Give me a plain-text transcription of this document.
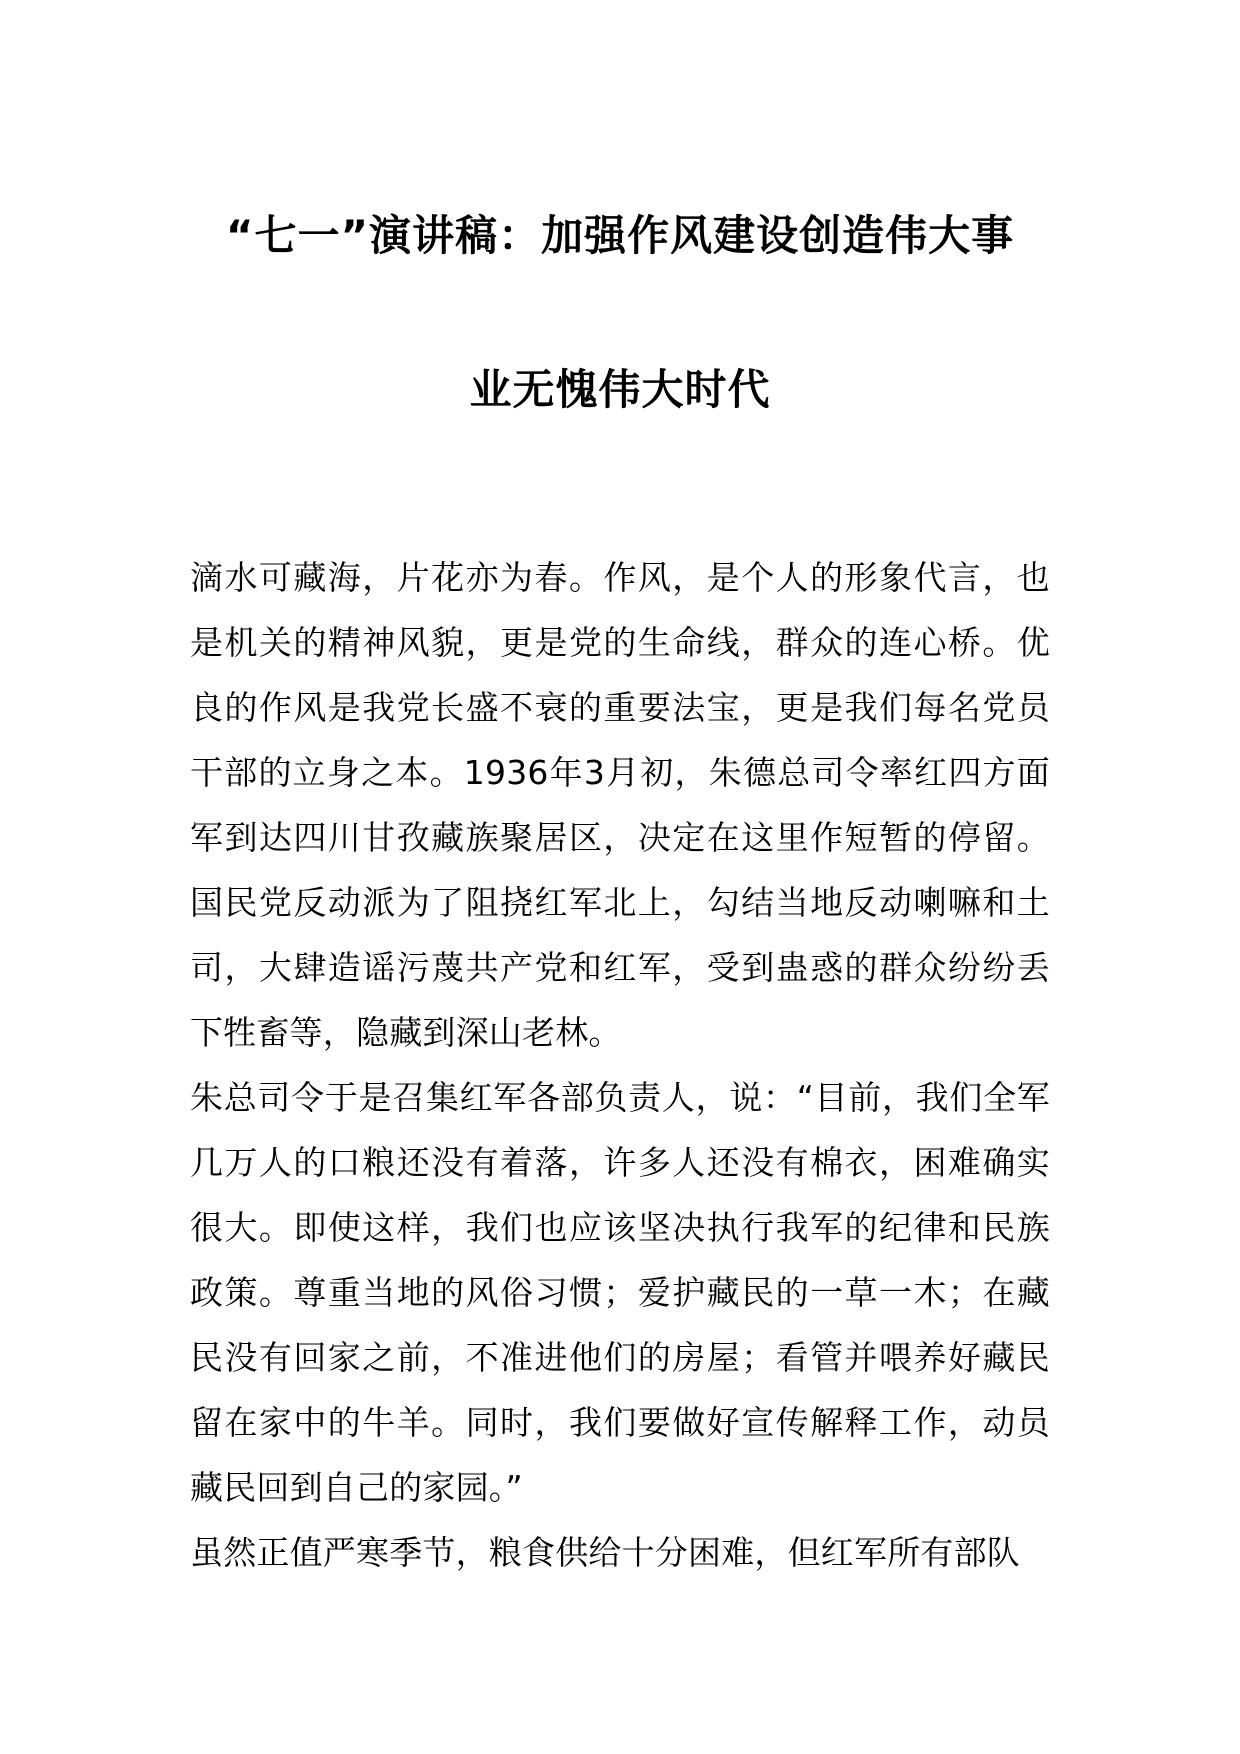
“七一”演讲稿：加强作风建设创造伟大事
业无愧伟大时代

滴水可藏海，片花亦为春。作风，是个人的形象代言，也是机关的精神风貌，更是党的生命线，群众的连心桥。优良的作风是我党长盛不衰的重要法宝，更是我们每名党员干部的立身之本。1936年3月初，朱德总司令率红四方面军到达四川甘孜藏族聚居区，决定在这里作短暂的停留。国民党反动派为了阻挠红军北上，勾结当地反动喇嘛和土司，大肆造谣污蔑共产党和红军，受到蛊惑的群众纷纷丢下牲畜等，隐藏到深山老林。

朱总司令于是召集红军各部负责人，说：“目前，我们全军几万人的口粮还没有着落，许多人还没有棉衣，困难确实很大。即使这样，我们也应该坚决执行我军的纪律和民族政策。尊重当地的风俗习惯；爱护藏民的一草一木；在藏民没有回家之前，不准进他们的房屋；看管并喂养好藏民留在家中的牛羊。同时，我们要做好宣传解释工作，动员藏民回到自己的家园。”

虽然正值严寒季节，粮食供给十分困难，但红军所有部队
